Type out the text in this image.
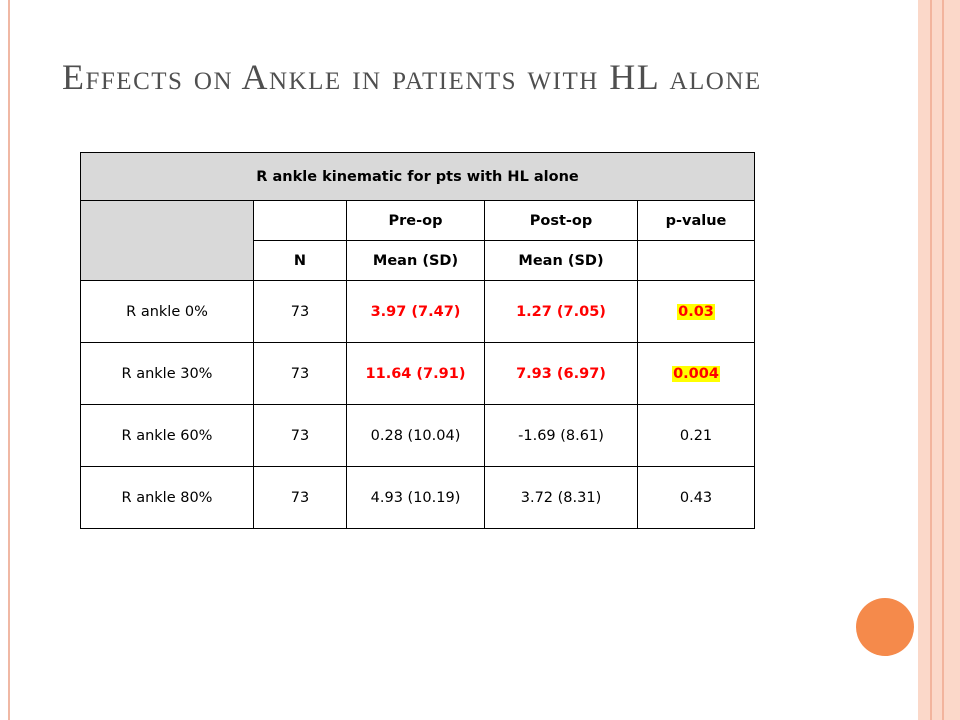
Effects on Ankle in patients with HL alone
R ankle kinematic for pts with HL alone				
		Pre-op	Post-op	p-value
	N	Mean (SD)	Mean (SD)	
R ankle 0%	73	3.97 (7.47)	1.27 (7.05)	0.03
R ankle 30%	73	11.64 (7.91)	7.93 (6.97)	0.004
R ankle 60%	73	0.28 (10.04)	-1.69 (8.61)	0.21
R ankle 80%	73	4.93 (10.19)	3.72 (8.31)	0.43
